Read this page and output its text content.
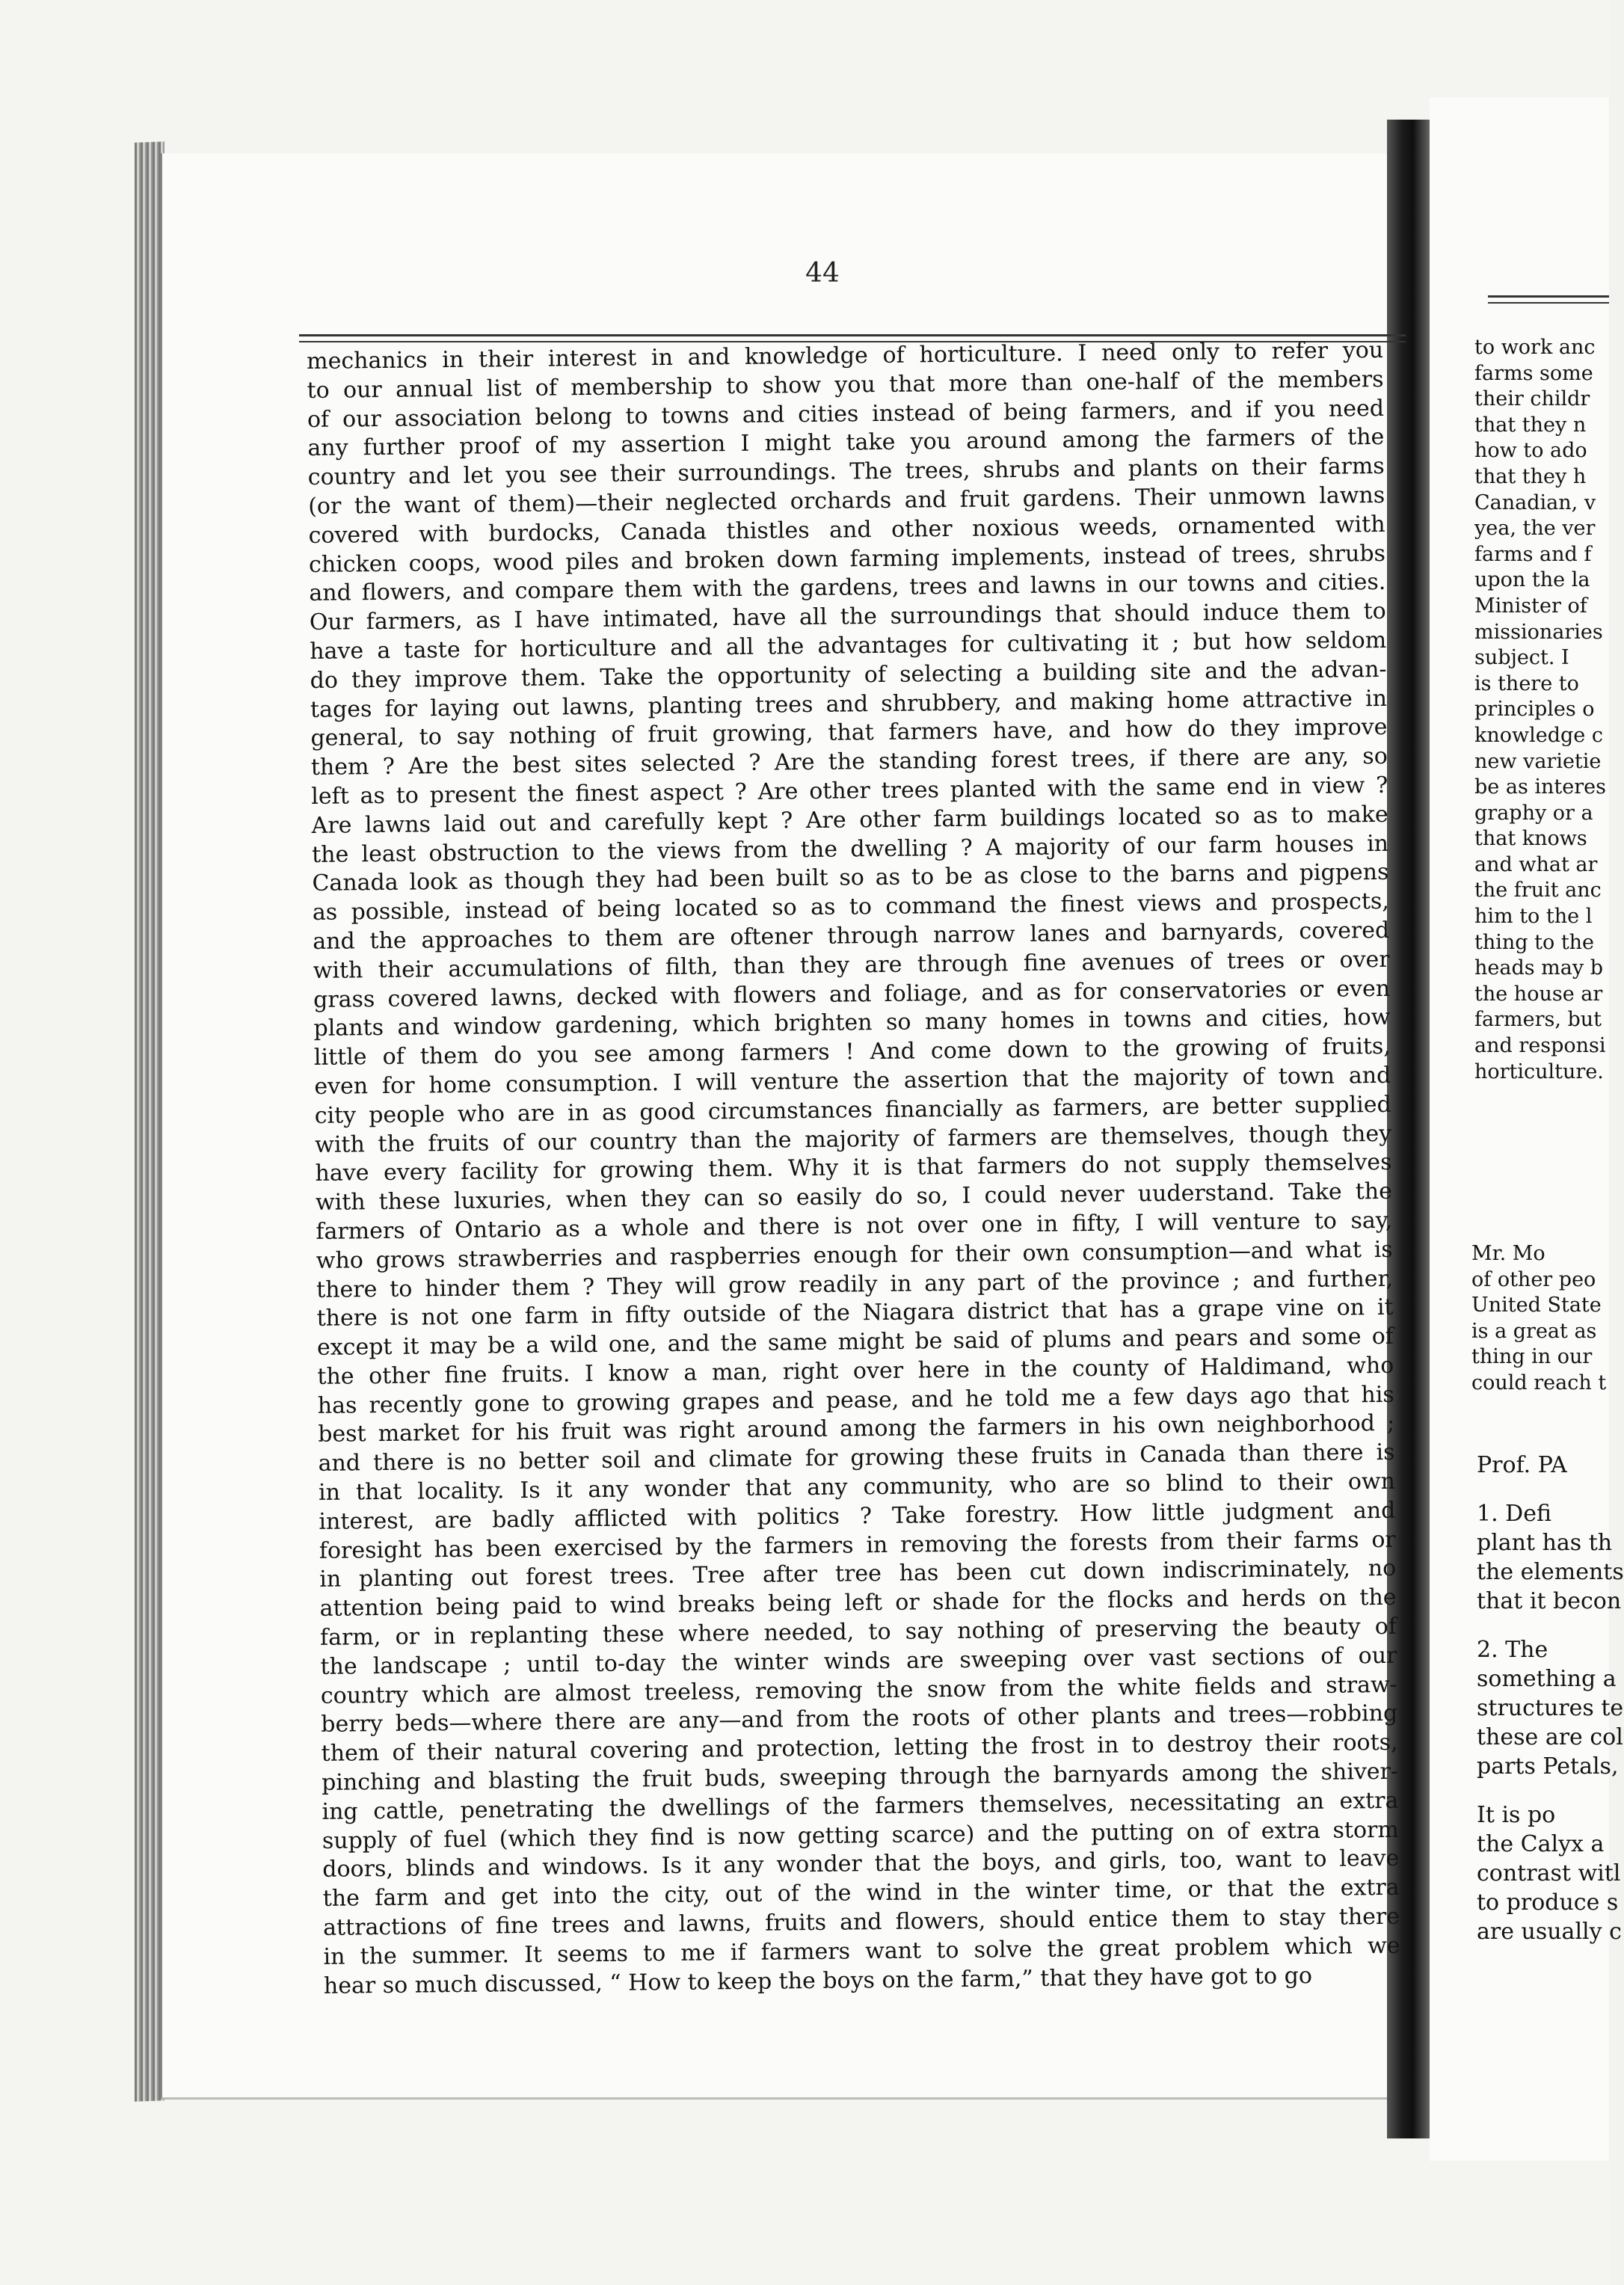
44
mechanics in their interest in and knowledge of horticulture. I need only to refer you
to our annual list of membership to show you that more than one-half of the members
of our association belong to towns and cities instead of being farmers, and if you need
any further proof of my assertion I might take you around among the farmers of the
country and let you see their surroundings. The trees, shrubs and plants on their farms
(or the want of them)—their neglected orchards and fruit gardens. Their unmown lawns
covered with burdocks, Canada thistles and other noxious weeds, ornamented with
chicken coops, wood piles and broken down farming implements, instead of trees, shrubs
and flowers, and compare them with the gardens, trees and lawns in our towns and cities.
Our farmers, as I have intimated, have all the surroundings that should induce them to
have a taste for horticulture and all the advantages for cultivating it ; but how seldom
do they improve them. Take the opportunity of selecting a building site and the advan-
tages for laying out lawns, planting trees and shrubbery, and making home attractive in
general, to say nothing of fruit growing, that farmers have, and how do they improve
them ? Are the best sites selected ? Are the standing forest trees, if there are any, so
left as to present the finest aspect ? Are other trees planted with the same end in view ?
Are lawns laid out and carefully kept ? Are other farm buildings located so as to make
the least obstruction to the views from the dwelling ? A majority of our farm houses in
Canada look as though they had been built so as to be as close to the barns and pigpens
as possible, instead of being located so as to command the finest views and prospects,
and the approaches to them are oftener through narrow lanes and barnyards, covered
with their accumulations of filth, than they are through fine avenues of trees or over
grass covered lawns, decked with flowers and foliage, and as for conservatories or even
plants and window gardening, which brighten so many homes in towns and cities, how
little of them do you see among farmers ! And come down to the growing of fruits,
even for home consumption. I will venture the assertion that the majority of town and
city people who are in as good circumstances financially as farmers, are better supplied
with the fruits of our country than the majority of farmers are themselves, though they
have every facility for growing them. Why it is that farmers do not supply themselves
with these luxuries, when they can so easily do so, I could never uuderstand. Take the
farmers of Ontario as a whole and there is not over one in fifty, I will venture to say,
who grows strawberries and raspberries enough for their own consumption—and what is
there to hinder them ? They will grow readily in any part of the province ; and further,
there is not one farm in fifty outside of the Niagara district that has a grape vine on it
except it may be a wild one, and the same might be said of plums and pears and some of
the other fine fruits. I know a man, right over here in the county of Haldimand, who
has recently gone to growing grapes and pease, and he told me a few days ago that his
best market for his fruit was right around among the farmers in his own neighborhood ;
and there is no better soil and climate for growing these fruits in Canada than there is
in that locality. Is it any wonder that any community, who are so blind to their own
interest, are badly afflicted with politics ? Take forestry. How little judgment and
foresight has been exercised by the farmers in removing the forests from their farms or
in planting out forest trees. Tree after tree has been cut down indiscriminately, no
attention being paid to wind breaks being left or shade for the flocks and herds on the
farm, or in replanting these where needed, to say nothing of preserving the beauty of
the landscape ; until to-day the winter winds are sweeping over vast sections of our
country which are almost treeless, removing the snow from the white fields and straw-
berry beds—where there are any—and from the roots of other plants and trees—robbing
them of their natural covering and protection, letting the frost in to destroy their roots,
pinching and blasting the fruit buds, sweeping through the barnyards among the shiver-
ing cattle, penetrating the dwellings of the farmers themselves, necessitating an extra
supply of fuel (which they find is now getting scarce) and the putting on of extra storm
doors, blinds and windows. Is it any wonder that the boys, and girls, too, want to leave
the farm and get into the city, out of the wind in the winter time, or that the extra
attractions of fine trees and lawns, fruits and flowers, should entice them to stay there
in the summer. It seems to me if farmers want to solve the great problem which we
hear so much discussed, “ How to keep the boys on the farm,” that they have got to go
to work anc
farms some
their childr
that they n
how to ado
that they h
Canadian, v
yea, the ver
farms and f
upon the la
Minister of
missionaries
subject. I
is there to
principles o
knowledge c
new varietie
be as interes
graphy or a
that knows
and what ar
the fruit anc
him to the l
thing to the
heads may b
the house ar
farmers, but
and responsi
horticulture.
Mr. Mo
of other peo
United State
is a great as
thing in our
could reach t
Prof. PA
1. Defi
plant has th
the elements
that it becon
2. The
something a
structures te
these are col
parts Petals,
It is po
the Calyx a
contrast witl
to produce s
are usually c
